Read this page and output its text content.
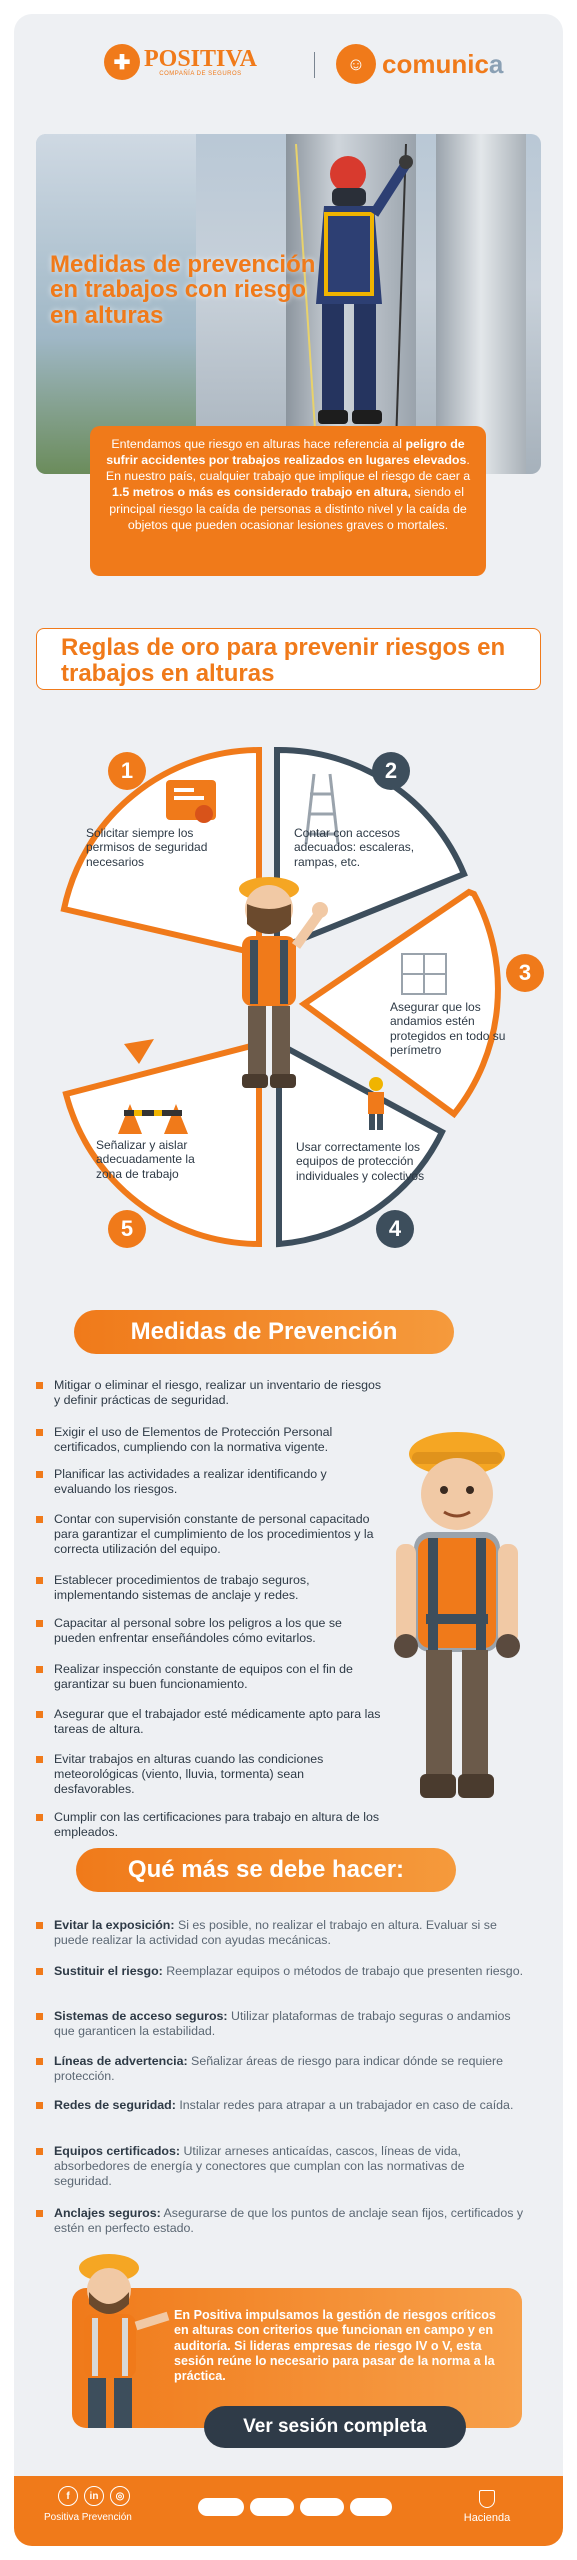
✚ POSITIVA
COMPAÑÍA DE SEGUROS
☺ comunica
Medidas de prevención en trabajos con riesgo en alturas
Entendamos que riesgo en alturas hace referencia al peligro de sufrir accidentes por trabajos realizados en lugares elevados. En nuestro país, cualquier trabajo que implique el riesgo de caer a 1.5 metros o más es considerado trabajo en altura, siendo el principal riesgo la caída de personas a distinto nivel y la caída de objetos que pueden ocasionar lesiones graves o mortales.
Reglas de oro para prevenir riesgos en trabajos en alturas
1	2
3
4
5
Solicitar siempre los permisos de seguridad necesarios
Contar con accesos adecuados: escaleras, rampas, etc.
Asegurar que los andamios estén protegidos en todo su perímetro
Usar correctamente los equipos de protección individuales y colectivos
Señalizar y aislar adecuadamente la zona de trabajo
Medidas de Prevención
Mitigar o eliminar el riesgo, realizar un inventario de riesgos y definir prácticas de seguridad.
Exigir el uso de Elementos de Protección Personal certificados, cumpliendo con la normativa vigente.
Planificar las actividades a realizar identificando y evaluando los riesgos.
Contar con supervisión constante de personal capacitado para garantizar el cumplimiento de los procedimientos y la correcta utilización del equipo.
Establecer procedimientos de trabajo seguros, implementando sistemas de anclaje y redes.
Capacitar al personal sobre los peligros a los que se pueden enfrentar enseñándoles cómo evitarlos.
Realizar inspección constante de equipos con el fin de garantizar su buen funcionamiento.
Asegurar que el trabajador esté médicamente apto para las tareas de altura.
Evitar trabajos en alturas cuando las condiciones meteorológicas (viento, lluvia, tormenta) sean desfavorables.
Cumplir con las certificaciones para trabajo en altura de los empleados.
Qué más se debe hacer:
Evitar la exposición: Si es posible, no realizar el trabajo en altura. Evaluar si se puede realizar la actividad con ayudas mecánicas.
Sustituir el riesgo: Reemplazar equipos o métodos de trabajo que presenten riesgo.
Sistemas de acceso seguros: Utilizar plataformas de trabajo seguras o andamios que garanticen la estabilidad.
Líneas de advertencia: Señalizar áreas de riesgo para indicar dónde se requiere protección.
Redes de seguridad: Instalar redes para atrapar a un trabajador en caso de caída.
Equipos certificados: Utilizar arneses anticaídas, cascos, líneas de vida, absorbedores de energía y conectores que cumplan con las normativas de seguridad.
Anclajes seguros: Asegurarse de que los puntos de anclaje sean fijos, certificados y estén en perfecto estado.
En Positiva impulsamos la gestión de riesgos críticos en alturas con criterios que funcionan en campo y en auditoría. Si lideras empresas de riesgo IV o V, esta sesión reúne lo necesario para pasar de la norma a la práctica.
Ver sesión completa
f	in	◎
Positiva Prevención	Hacienda
